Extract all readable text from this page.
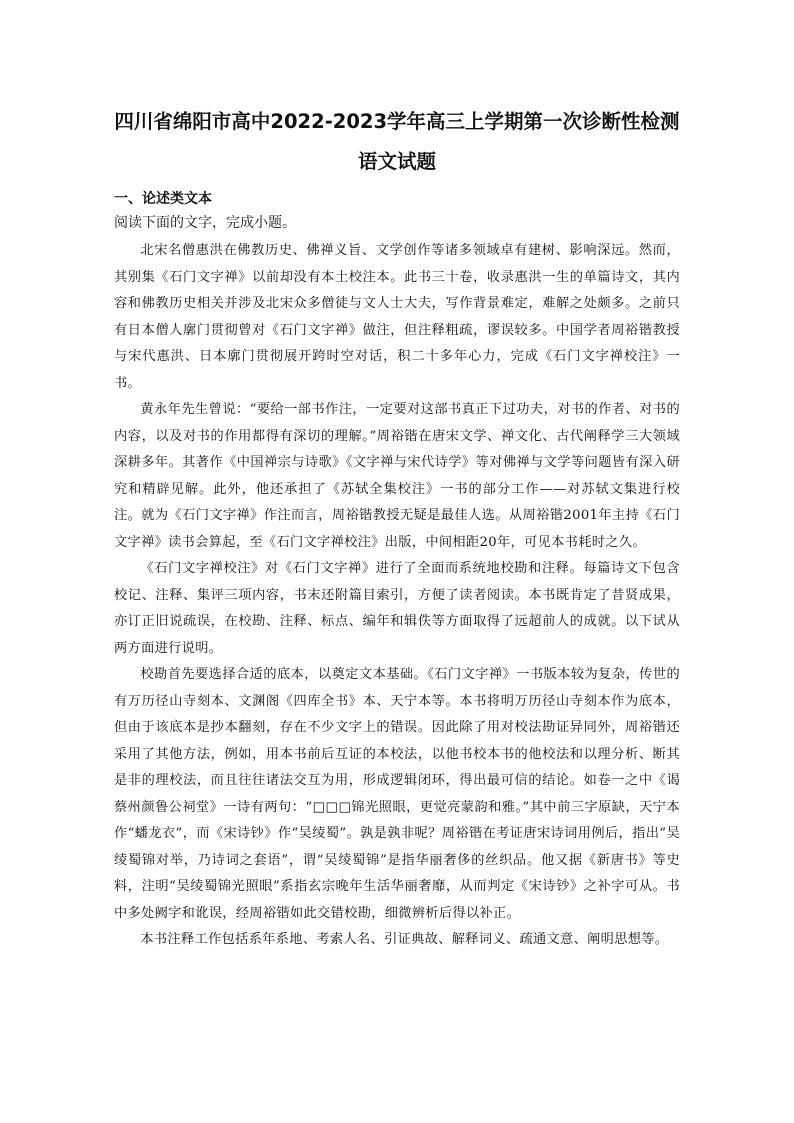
四川省绵阳市高中2022-2023学年高三上学期第一次诊断性检测
语文试题
一、论述类文本
阅读下面的文字，完成小题。

北宋名僧惠洪在佛教历史、佛禅义旨、文学创作等诸多领域卓有建树、影响深远。然而，其别集《石门文字禅》以前却没有本土校注本。此书三十卷，收录惠洪一生的单篇诗文，其内容和佛教历史相关并涉及北宋众多僧徒与文人士大夫，写作背景难定，难解之处颇多。之前只有日本僧人廓门贯彻曾对《石门文字禅》做注，但注释粗疏，谬误较多。中国学者周裕锴教授与宋代惠洪、日本廓门贯彻展开跨时空对话，积二十多年心力，完成《石门文字禅校注》一书。

黄永年先生曾说：“要给一部书作注，一定要对这部书真正下过功夫，对书的作者、对书的内容，以及对书的作用都得有深切的理解。”周裕锴在唐宋文学、禅文化、古代阐释学三大领域深耕多年。其著作《中国禅宗与诗歌》《文字禅与宋代诗学》等对佛禅与文学等问题皆有深入研究和精辟见解。此外，他还承担了《苏轼全集校注》一书的部分工作——对苏轼文集进行校注。就为《石门文字禅》作注而言，周裕锴教授无疑是最佳人选。从周裕锴2001年主持《石门文字禅》读书会算起，至《石门文字禅校注》出版，中间相距20年，可见本书耗时之久。

《石门文字禅校注》对《石门文字禅》进行了全面而系统地校勘和注释。每篇诗文下包含校记、注释、集评三项内容，书末还附篇目索引，方便了读者阅读。本书既肯定了昔贤成果，亦订正旧说疏误，在校勘、注释、标点、编年和辑佚等方面取得了远超前人的成就。以下试从两方面进行说明。

校勘首先要选择合适的底本，以奠定文本基础。《石门文字禅》一书版本较为复杂，传世的有万历径山寺刻本、文渊阁《四库全书》本、天宁本等。本书将明万历径山寺刻本作为底本，但由于该底本是抄本翻刻，存在不少文字上的错误。因此除了用对校法勘证异同外，周裕锴还采用了其他方法，例如，用本书前后互证的本校法，以他书校本书的他校法和以理分析、断其是非的理校法，而且往往诸法交互为用，形成逻辑闭环，得出最可信的结论。如卷一之中《谒蔡州颜鲁公祠堂》一诗有两句：“□□□锦光照眼，更觉亮蒙韵和雅。”其中前三字原缺，天宁本作“蟠龙衣”，而《宋诗钞》作“吴绫蜀”。孰是孰非呢？周裕锴在考证唐宋诗词用例后，指出“吴绫蜀锦对举，乃诗词之套语”，谓“吴绫蜀锦”是指华丽奢侈的丝织品。他又据《新唐书》等史料，注明“吴绫蜀锦光照眼”系指玄宗晚年生活华丽奢靡，从而判定《宋诗钞》之补字可从。书中多处阙字和讹误，经周裕锴如此交错校勘，细微辨析后得以补正。

本书注释工作包括系年系地、考索人名、引证典故、解释词义、疏通文意、阐明思想等。
